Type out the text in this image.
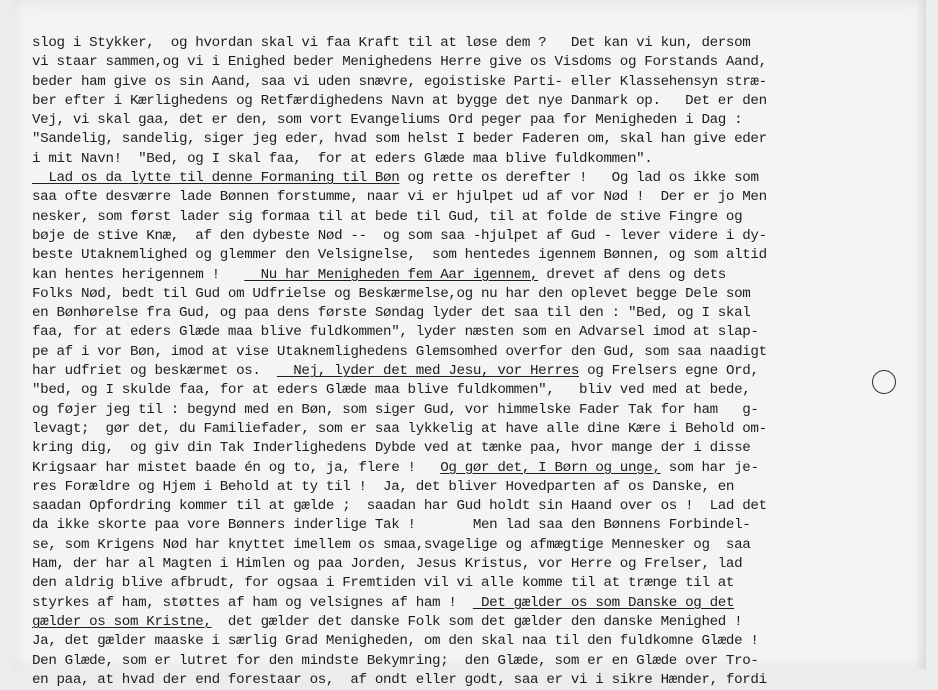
slog i Stykker,  og hvordan skal vi faa Kraft til at løse dem ?   Det kan vi kun, dersom
vi staar sammen,og vi i Enighed beder Menighedens Herre give os Visdoms og Forstands Aand,
beder ham give os sin Aand, saa vi uden snævre, egoistiske Parti- eller Klassehensyn stræ-
ber efter i Kærlighedens og Retfærdighedens Navn at bygge det nye Danmark op.   Det er den
Vej, vi skal gaa, det er den, som vort Evangeliums Ord peger paa for Menigheden i Dag :
"Sandelig, sandelig, siger jeg eder, hvad som helst I beder Faderen om, skal han give eder
i mit Navn!  "Bed, og I skal faa,  for at eders Glæde maa blive fuldkommen".
Lad os da lytte til denne Formaning til Bøn og rette os derefter !   Og lad os ikke som
saa ofte desværre lade Bønnen forstumme, naar vi er hjulpet ud af vor Nød !  Der er jo Men
nesker, som først lader sig formaa til at bede til Gud, til at folde de stive Fingre og
bøje de stive Knæ,  af den dybeste Nød --  og som saa -hjulpet af Gud - lever videre i dy-
beste Utaknemlighed og glemmer den Velsignelse,  som hentedes igennem Bønnen, og som altid
kan hentes herigennem !     Nu har Menigheden fem Aar igennem, drevet af dens og dets
Folks Nød, bedt til Gud om Udfrielse og Beskærmelse,og nu har den oplevet begge Dele som
en Bønhørelse fra Gud, og paa dens første Søndag lyder det saa til den : "Bed, og I skal
faa, for at eders Glæde maa blive fuldkommen", lyder næsten som en Advarsel imod at slap-
pe af i vor Bøn, imod at vise Utaknemlighedens Glemsomhed overfor den Gud, som saa naadigt
har udfriet og beskærmet os.    Nej, lyder det med Jesu, vor Herres og Frelsers egne Ord,
"bed, og I skulde faa, for at eders Glæde maa blive fuldkommen",   bliv ved med at bede,
og føjer jeg til : begynd med en Bøn, som siger Gud, vor himmelske Fader Tak for ham   g-
levagt;  gør det, du Familiefader, som er saa lykkelig at have alle dine Kære i Behold om-
kring dig,  og giv din Tak Inderlighedens Dybde ved at tænke paa, hvor mange der i disse
Krigsaar har mistet baade én og to, ja, flere !   Og gør det, I Børn og unge, som har je-
res Forældre og Hjem i Behold at ty til !  Ja, det bliver Hovedparten af os Danske, en
saadan Opfordring kommer til at gælde ;  saadan har Gud holdt sin Haand over os !  Lad det
da ikke skorte paa vore Bønners inderlige Tak !       Men lad saa den Bønnens Forbindel-
se, som Krigens Nød har knyttet imellem os smaa,svagelige og afmægtige Mennesker og  saa
Ham, der har al Magten i Himlen og paa Jorden, Jesus Kristus, vor Herre og Frelser, lad
den aldrig blive afbrudt, for ogsaa i Fremtiden vil vi alle komme til at trænge til at
styrkes af ham, støttes af ham og velsignes af ham !   Det gælder os som Danske og det
gælder os som Kristne,  det gælder det danske Folk som det gælder den danske Menighed !
Ja, det gælder maaske i særlig Grad Menigheden, om den skal naa til den fuldkomne Glæde !
Den Glæde, som er lutret for den mindste Bekymring;  den Glæde, som er en Glæde over Tro-
en paa, at hvad der end forestaar os,  af ondt eller godt, saa er vi i sikre Hænder, fordi
